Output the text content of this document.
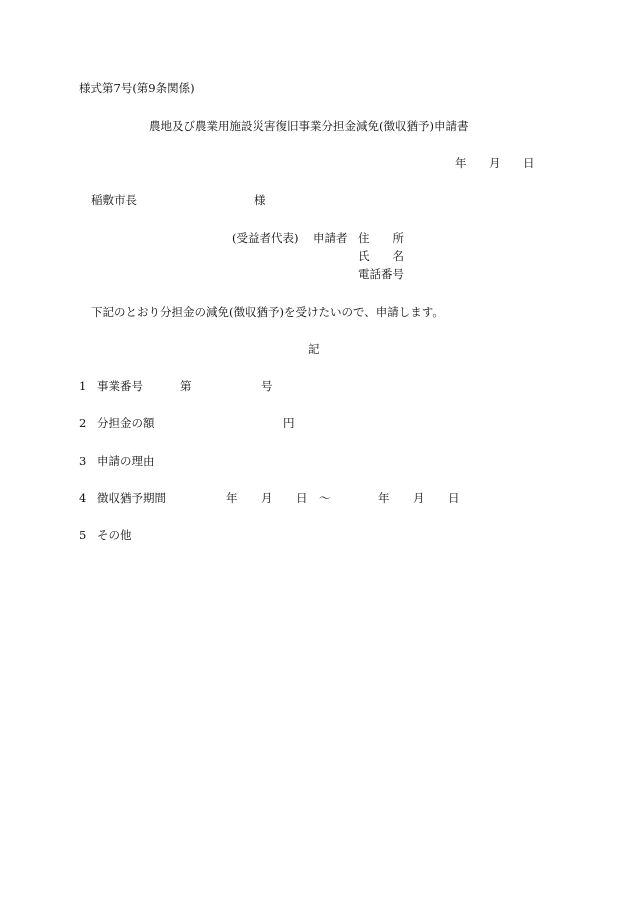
様式第7号(第9条関係)
農地及び農業用施設災害復旧事業分担金減免(徴収猶予)申請書
年 月 日
稲敷市長	様
(受益者代表) 申請者 住　　所
氏　　名
電話番号
下記のとおり分担金の減免(徴収猶予)を受けたいので、申請します。
記
1 事業番号	第	号
2 分担金の額	円
3 申請の理由
4 徴収猶予期間	年 月 日 ～	年 月 日
5 その他
